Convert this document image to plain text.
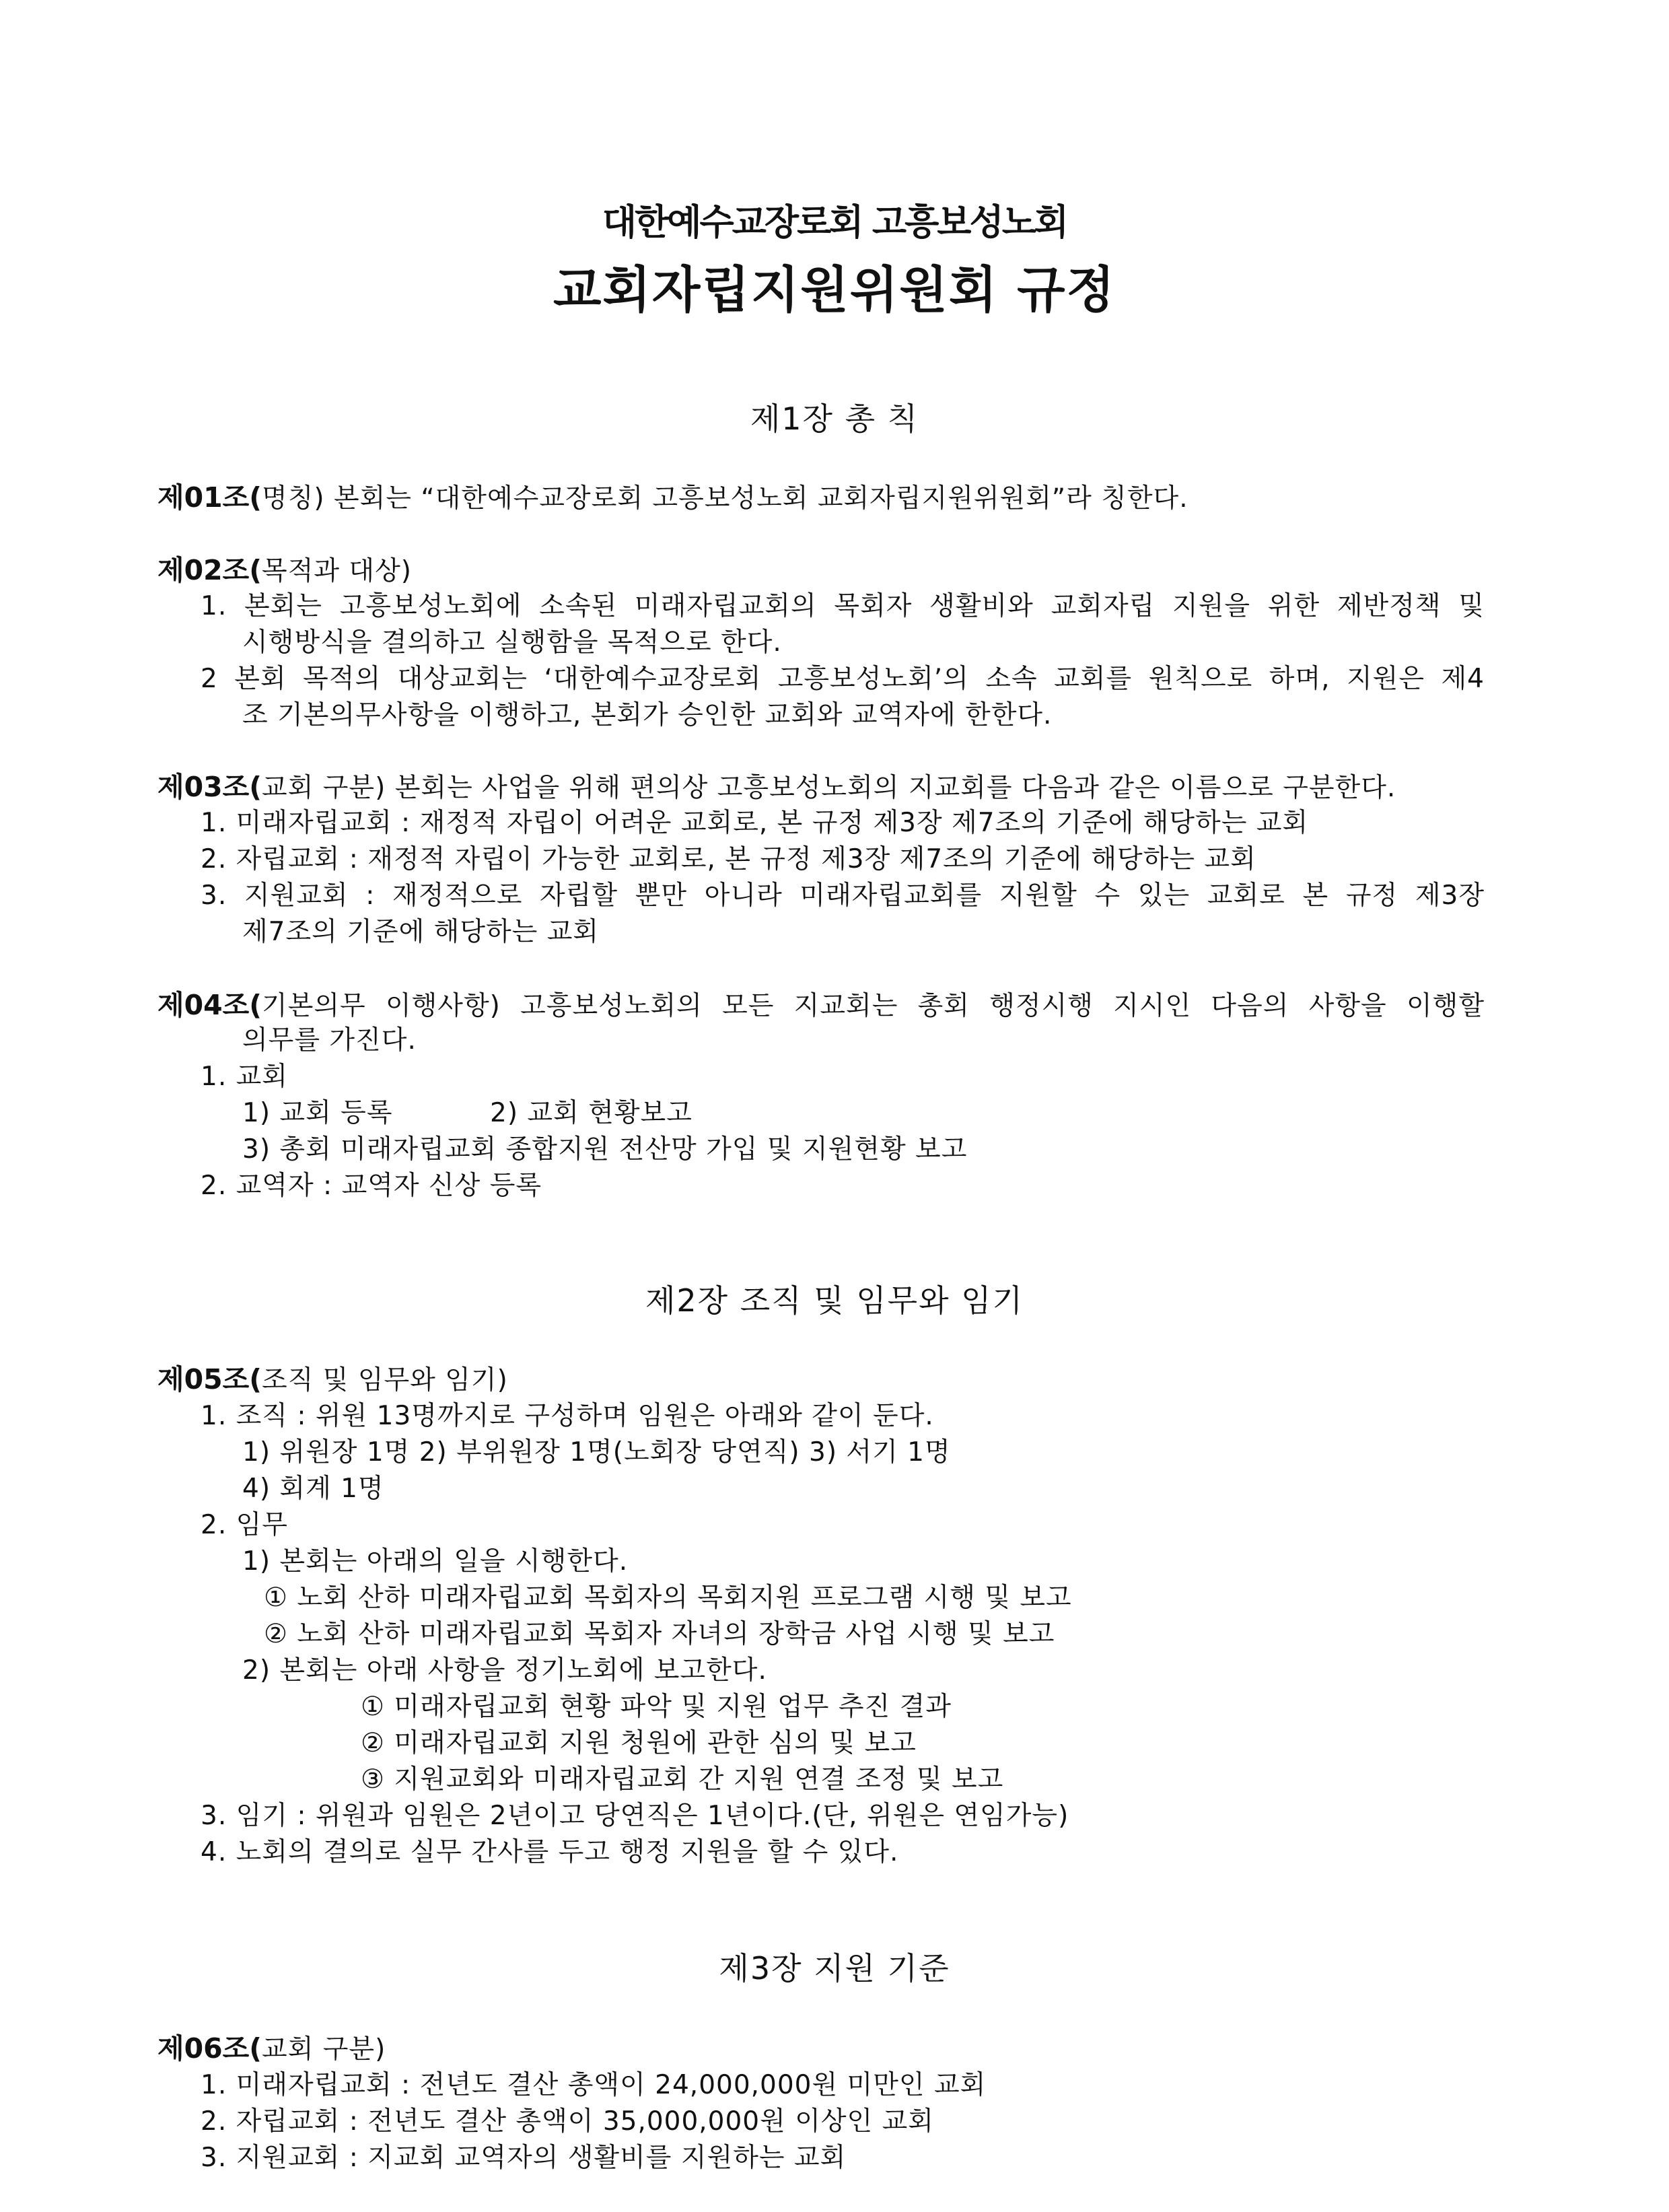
대한예수교장로회 고흥보성노회
교회자립지원위원회 규정
제1장 총 칙
제01조(명칭) 본회는 “대한예수교장로회 고흥보성노회 교회자립지원위원회”라 칭한다.
제02조(목적과 대상)
1. 본회는 고흥보성노회에 소속된 미래자립교회의 목회자 생활비와 교회자립 지원을 위한 제반정책 및
시행방식을 결의하고 실행함을 목적으로 한다.
2 본회 목적의 대상교회는 ‘대한예수교장로회 고흥보성노회’의 소속 교회를 원칙으로 하며, 지원은 제4
조 기본의무사항을 이행하고, 본회가 승인한 교회와 교역자에 한한다.
제03조(교회 구분) 본회는 사업을 위해 편의상 고흥보성노회의 지교회를 다음과 같은 이름으로 구분한다.
1. 미래자립교회 : 재정적 자립이 어려운 교회로, 본 규정 제3장 제7조의 기준에 해당하는 교회
2. 자립교회 : 재정적 자립이 가능한 교회로, 본 규정 제3장 제7조의 기준에 해당하는 교회
3. 지원교회 : 재정적으로 자립할 뿐만 아니라 미래자립교회를 지원할 수 있는 교회로 본 규정 제3장
제7조의 기준에 해당하는 교회
제04조(기본의무 이행사항) 고흥보성노회의 모든 지교회는 총회 행정시행 지시인 다음의 사항을 이행할
의무를 가진다.
1. 교회
1) 교회 등록	2) 교회 현황보고
3) 총회 미래자립교회 종합지원 전산망 가입 및 지원현황 보고
2. 교역자 : 교역자 신상 등록
제2장 조직 및 임무와 임기
제05조(조직 및 임무와 임기)
1. 조직 : 위원 13명까지로 구성하며 임원은 아래와 같이 둔다.
1) 위원장 1명 2) 부위원장 1명(노회장 당연직) 3) 서기 1명
4) 회계 1명
2. 임무
1) 본회는 아래의 일을 시행한다.
① 노회 산하 미래자립교회 목회자의 목회지원 프로그램 시행 및 보고
② 노회 산하 미래자립교회 목회자 자녀의 장학금 사업 시행 및 보고
2) 본회는 아래 사항을 정기노회에 보고한다.
① 미래자립교회 현황 파악 및 지원 업무 추진 결과
② 미래자립교회 지원 청원에 관한 심의 및 보고
③ 지원교회와 미래자립교회 간 지원 연결 조정 및 보고
3. 임기 : 위원과 임원은 2년이고 당연직은 1년이다.(단, 위원은 연임가능)
4. 노회의 결의로 실무 간사를 두고 행정 지원을 할 수 있다.
제3장 지원 기준
제06조(교회 구분)
1. 미래자립교회 : 전년도 결산 총액이 24,000,000원 미만인 교회
2. 자립교회 : 전년도 결산 총액이 35,000,000원 이상인 교회
3. 지원교회 : 지교회 교역자의 생활비를 지원하는 교회
